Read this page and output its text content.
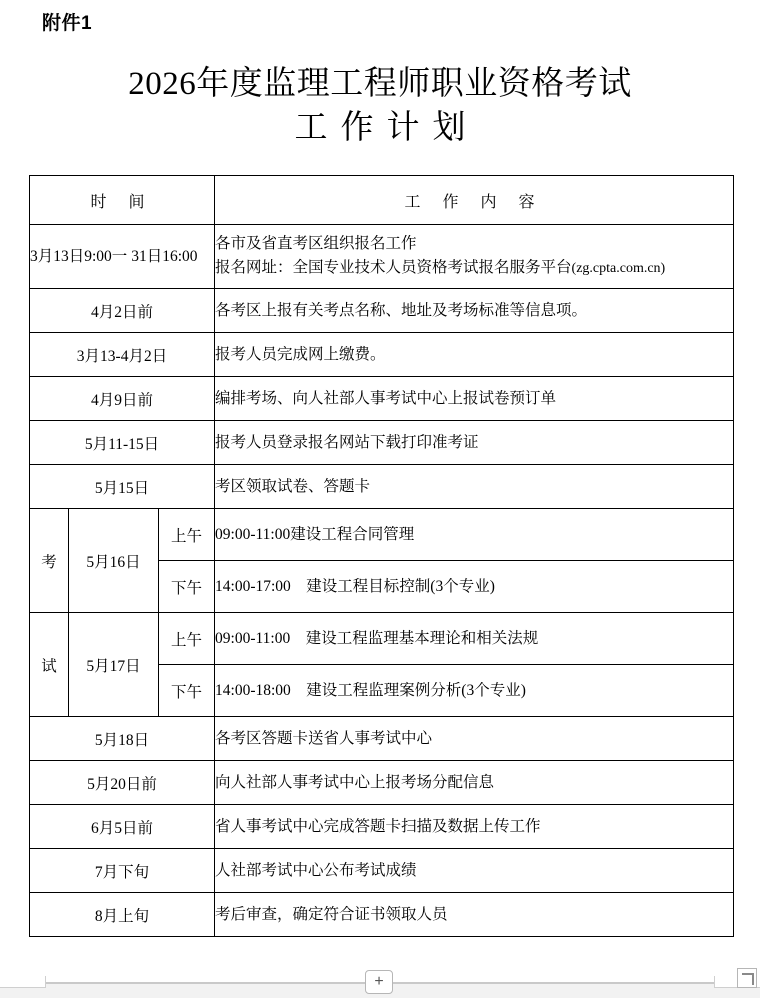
附件1
2026年度监理工程师职业资格考试
工作计划
时 间			工 作 内 容
3月13日9:00一 31日16:00			各市及省直考区组织报名工作
报名网址：全国专业技术人员资格考试报名服务平台(zg.cpta.com.cn)

4月2日前			各考区上报有关考点名称、地址及考场标准等信息项。
3月13-4月2日			报考人员完成网上缴费。
4月9日前			编排考场、向人社部人事考试中心上报试卷预订单
5月11-15日			报考人员登录报名网站下载打印准考证
5月15日			考区领取试卷、答题卡
考	5月16日	上午	09:00-11:00建设工程合同管理
		下午	14:00-17:00　建设工程目标控制(3个专业)
试	5月17日	上午	09:00-11:00　建设工程监理基本理论和相关法规
		下午	14:00-18:00　建设工程监理案例分析(3个专业)
5月18日			各考区答题卡送省人事考试中心
5月20日前			向人社部人事考试中心上报考场分配信息
6月5日前			省人事考试中心完成答题卡扫描及数据上传工作
7月下旬			人社部考试中心公布考试成绩
8月上旬			考后审查，确定符合证书领取人员
+
